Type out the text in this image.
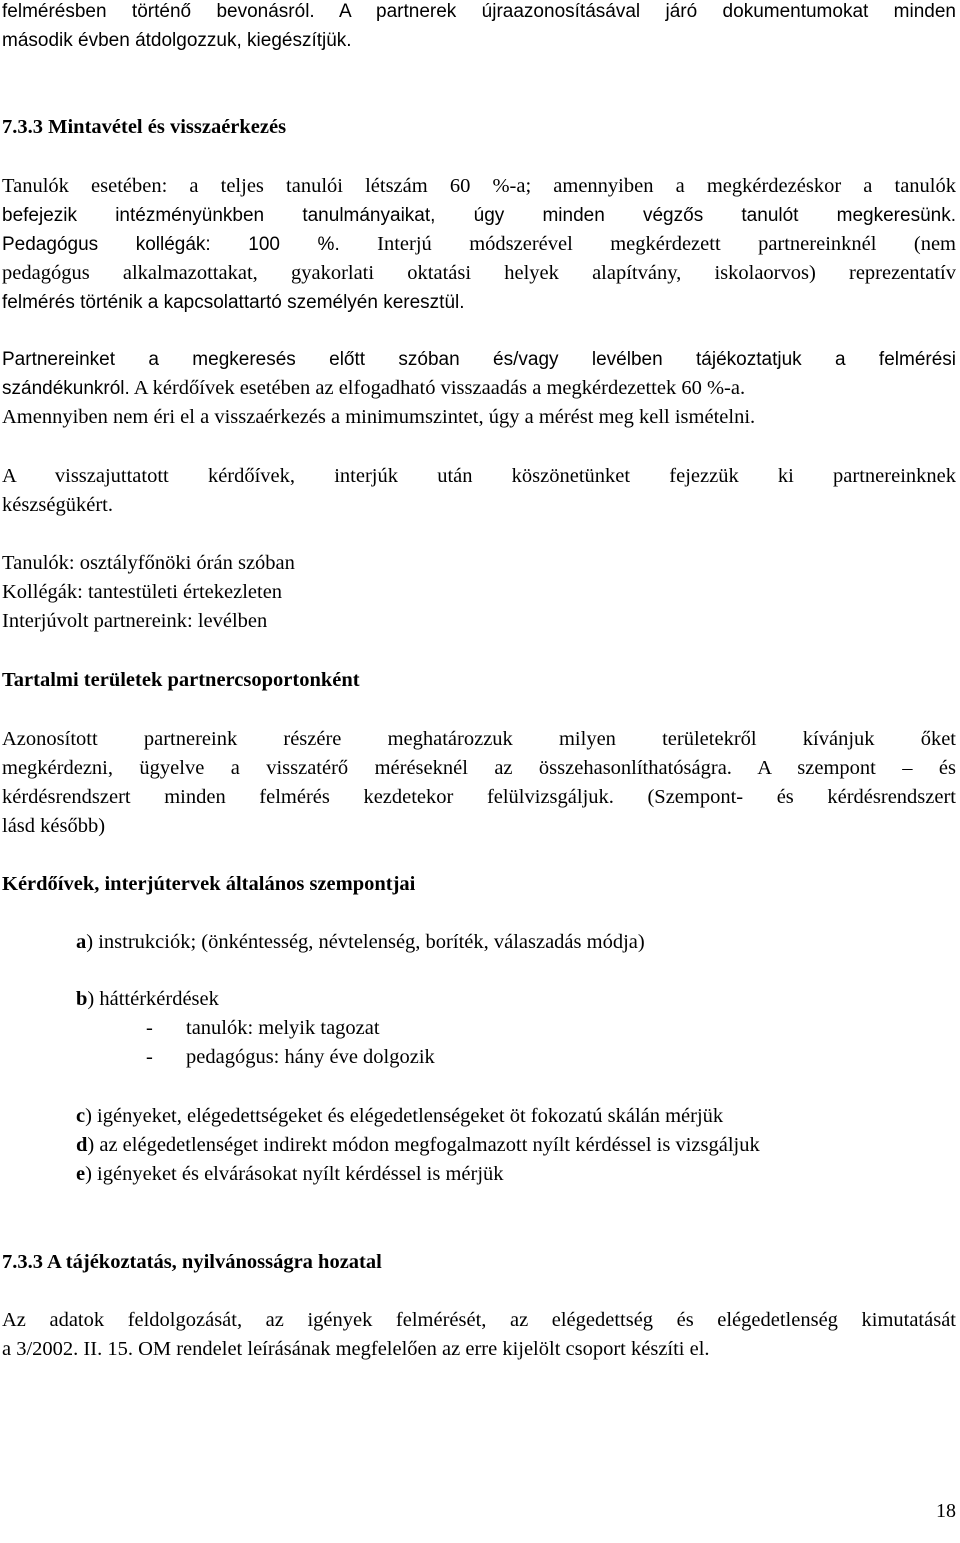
felmérésben történő bevonásról. A partnerek újraazonosításával járó dokumentumokat minden
második évben átdolgozzuk, kiegészítjük.

7.3.3 Mintavétel és visszaérkezés

Tanulók esetében: a teljes tanulói létszám 60 %-a; amennyiben a megkérdezéskor a tanulók
befejezik intézményünkben tanulmányaikat, úgy minden végzős tanulót megkeresünk.
Pedagógus kollégák: 100 %. Interjú módszerével megkérdezett partnereinknél (nem
pedagógus alkalmazottakat, gyakorlati oktatási helyek alapítvány, iskolaorvos) reprezentatív
felmérés történik a kapcsolattartó személyén keresztül.

Partnereinket a megkeresés előtt szóban és/vagy levélben tájékoztatjuk a felmérési
szándékunkról. A kérdőívek esetében az elfogadható visszaadás a megkérdezettek 60 %-a.
Amennyiben nem éri el a visszaérkezés a minimumszintet, úgy a mérést meg kell ismételni.

A visszajuttatott kérdőívek, interjúk után köszönetünket fejezzük ki partnereinknek
készségükért.

Tanulók: osztályfőnöki órán szóban
Kollégák: tantestületi értekezleten
Interjúvolt partnereink: levélben

Tartalmi területek partnercsoportonként

Azonosított partnereink részére meghatározzuk milyen területekről kívánjuk őket
megkérdezni, ügyelve a visszatérő méréseknél az összehasonlíthatóságra. A szempont – és
kérdésrendszert minden felmérés kezdetekor felülvizsgáljuk. (Szempont- és kérdésrendszert
lásd később)

Kérdőívek, interjútervek általános szempontjai

a) instrukciók; (önkéntesség, névtelenség, boríték, válaszadás módja)

b) háttérkérdések

- tanulók: melyik tagozat

- pedagógus: hány éve dolgozik

c) igényeket, elégedettségeket és elégedetlenségeket öt fokozatú skálán mérjük

d) az elégedetlenséget indirekt módon megfogalmazott nyílt kérdéssel is vizsgáljuk

e) igényeket és elvárásokat nyílt kérdéssel is mérjük

7.3.3 A tájékoztatás, nyilvánosságra hozatal

Az adatok feldolgozását, az igények felmérését, az elégedettség és elégedetlenség kimutatását
a 3/2002. II. 15. OM rendelet leírásának megfelelően az erre kijelölt csoport készíti el.

18
